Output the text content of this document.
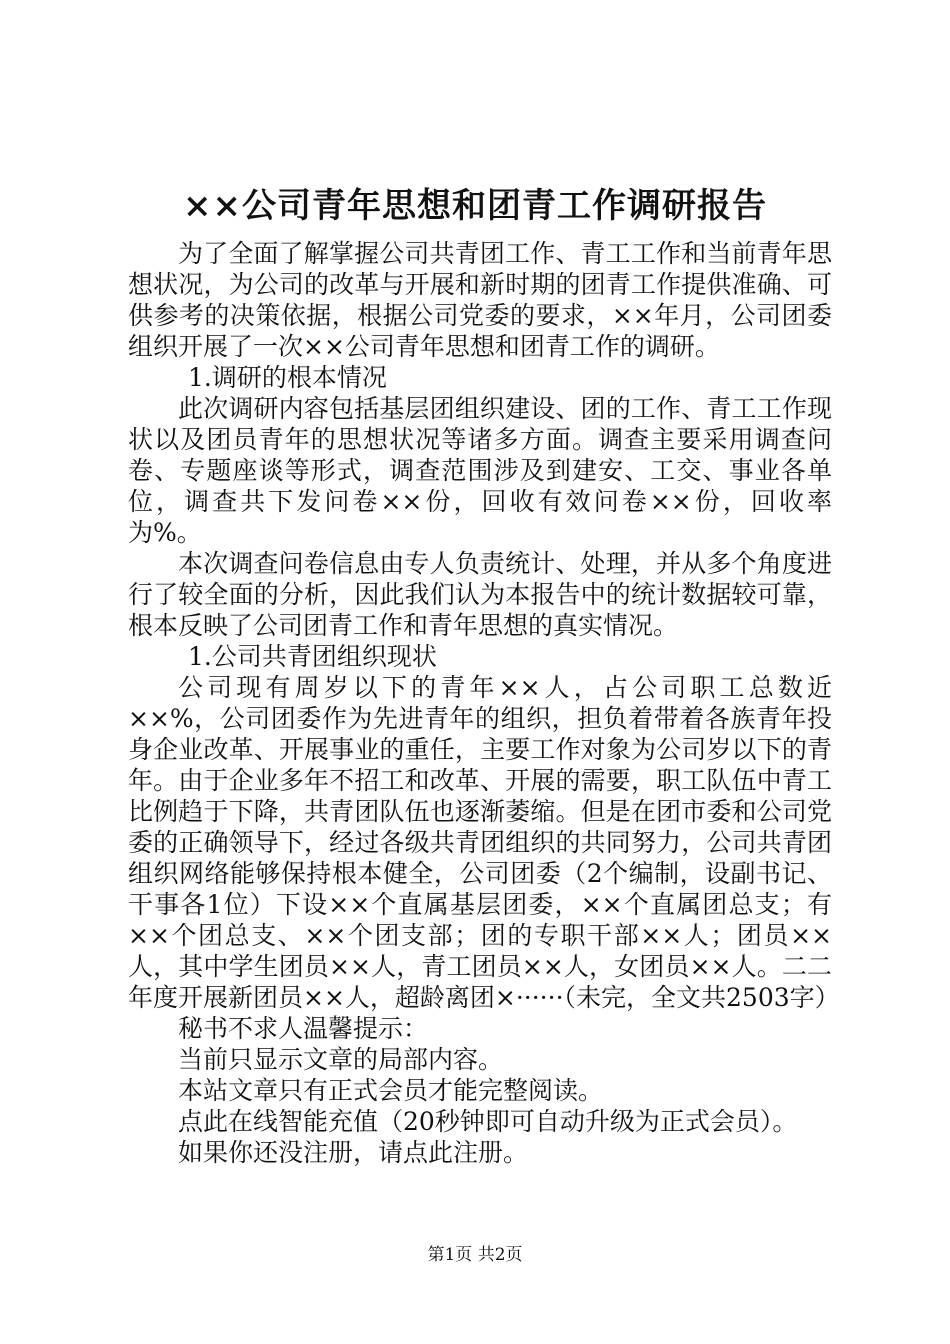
××公司青年思想和团青工作调研报告

为了全面了解掌握公司共青团工作、青工工作和当前青年思想状况，为公司的改革与开展和新时期的团青工作提供准确、可供参考的决策依据，根据公司党委的要求，××年月，公司团委组织开展了一次××公司青年思想和团青工作的调研。

1.调研的根本情况

此次调研内容包括基层团组织建设、团的工作、青工工作现状以及团员青年的思想状况等诸多方面。调查主要采用调查问卷、专题座谈等形式，调查范围涉及到建安、工交、事业各单位，调查共下发问卷××份，回收有效问卷××份，回收率为%。

本次调查问卷信息由专人负责统计、处理，并从多个角度进行了较全面的分析，因此我们认为本报告中的统计数据较可靠，根本反映了公司团青工作和青年思想的真实情况。

1.公司共青团组织现状

公司现有周岁以下的青年××人，占公司职工总数近××%，公司团委作为先进青年的组织，担负着带着各族青年投身企业改革、开展事业的重任，主要工作对象为公司岁以下的青年。由于企业多年不招工和改革、开展的需要，职工队伍中青工比例趋于下降，共青团队伍也逐渐萎缩。但是在团市委和公司党委的正确领导下，经过各级共青团组织的共同努力，公司共青团组织网络能够保持根本健全，公司团委（2个编制，设副书记、干事各1位）下设××个直属基层团委，××个直属团总支；有××个团总支、××个团支部；团的专职干部××人；团员××人，其中学生团员××人，青工团员××人，女团员××人。二二年度开展新团员××人，超龄离团×······（未完，全文共2503字）

秘书不求人温馨提示：

当前只显示文章的局部内容。

本站文章只有正式会员才能完整阅读。

点此在线智能充值（20秒钟即可自动升级为正式会员）。

如果你还没注册，请点此注册。

第1页 共2页
